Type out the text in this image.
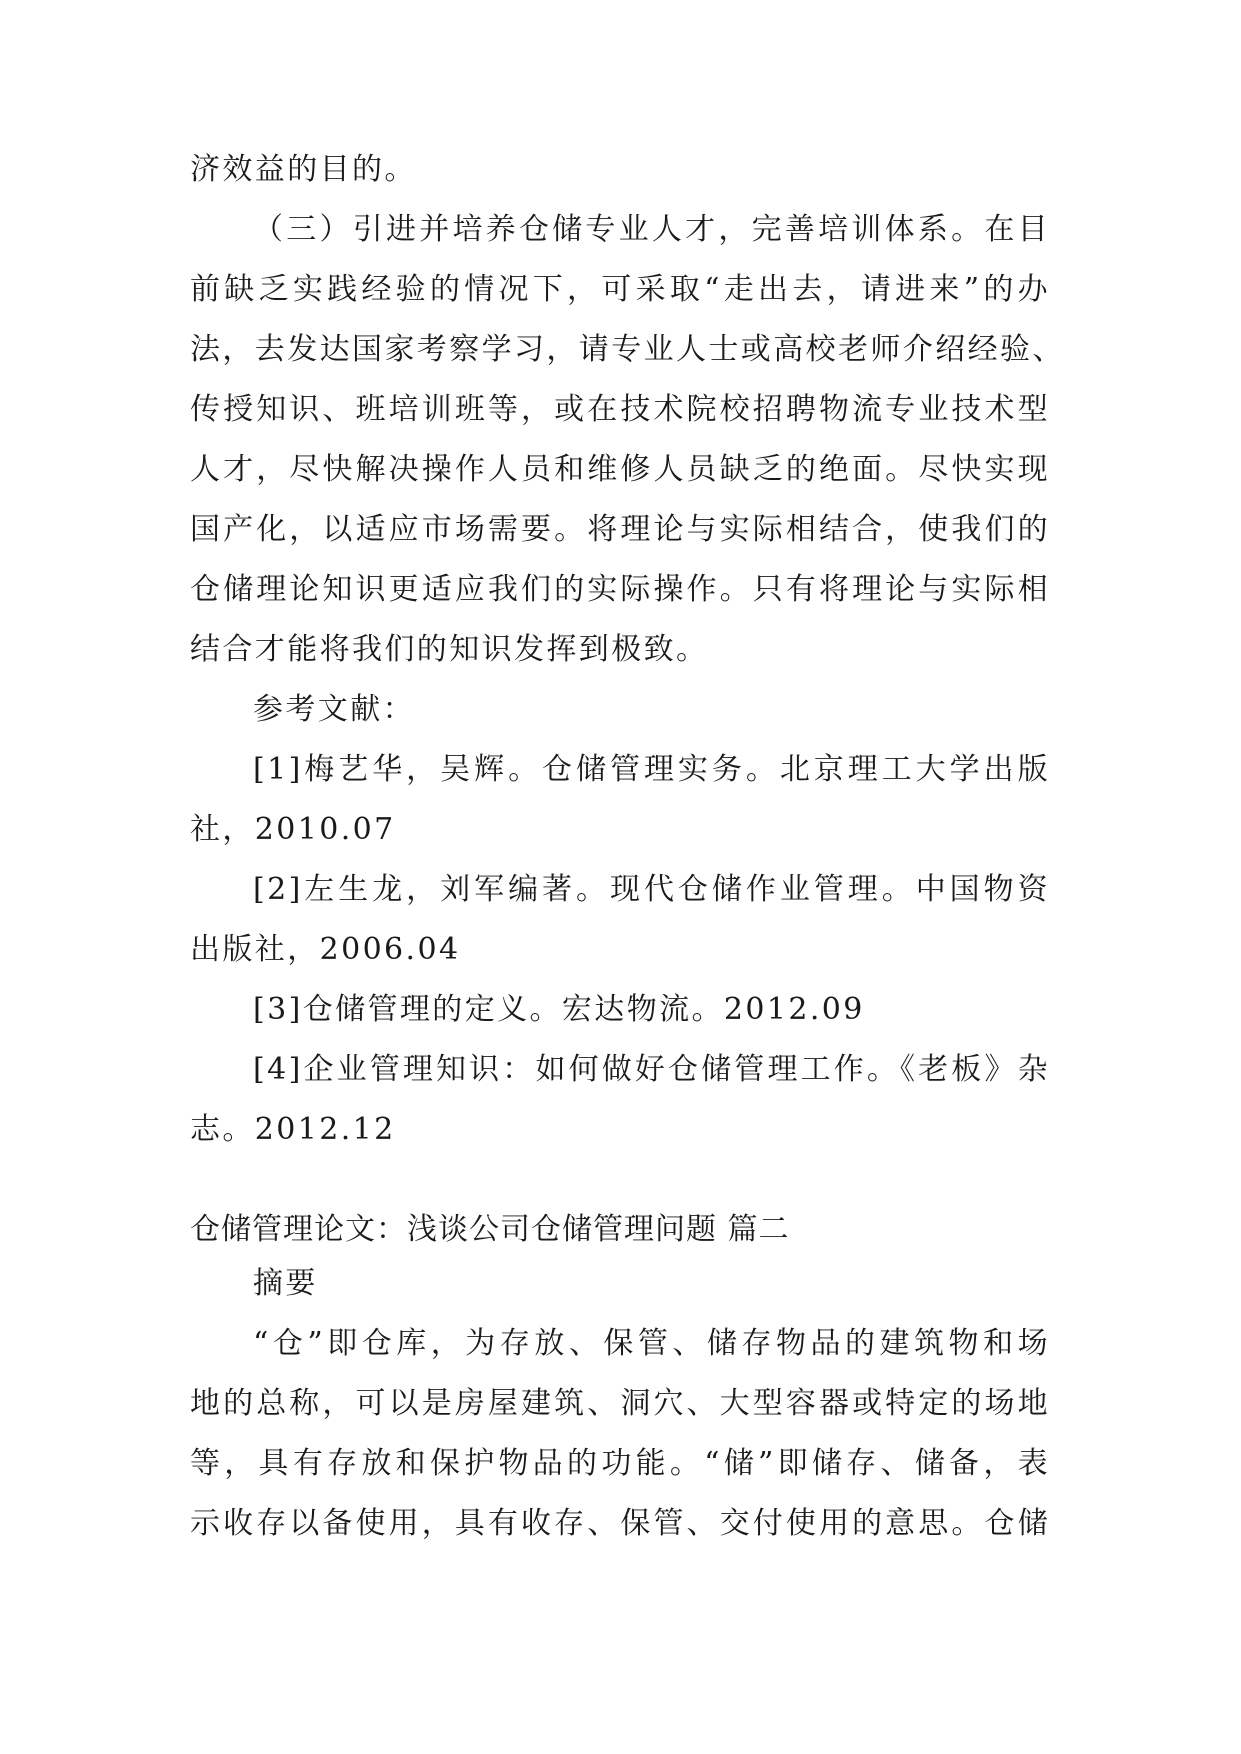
济效益的目的。
（三）引进并培养仓储专业人才，完善培训体系。在目
前缺乏实践经验的情况下，可采取“走出去，请进来”的办
法，去发达国家考察学习，请专业人士或高校老师介绍经验、
传授知识、班培训班等，或在技术院校招聘物流专业技术型
人才，尽快解决操作人员和维修人员缺乏的绝面。尽快实现
国产化，以适应市场需要。将理论与实际相结合，使我们的
仓储理论知识更适应我们的实际操作。只有将理论与实际相
结合才能将我们的知识发挥到极致。
参考文献：
[1]梅艺华，吴辉。仓储管理实务。北京理工大学出版
社，2010.07
[2]左生龙，刘军编著。现代仓储作业管理。中国物资
出版社，2006.04
[3]仓储管理的定义。宏达物流。2012.09
[4]企业管理知识：如何做好仓储管理工作。《老板》杂
志。2012.12
仓储管理论文：浅谈公司仓储管理问题 篇二
摘要
“仓”即仓库，为存放、保管、储存物品的建筑物和场
地的总称，可以是房屋建筑、洞穴、大型容器或特定的场地
等，具有存放和保护物品的功能。“储”即储存、储备，表
示收存以备使用，具有收存、保管、交付使用的意思。仓储
